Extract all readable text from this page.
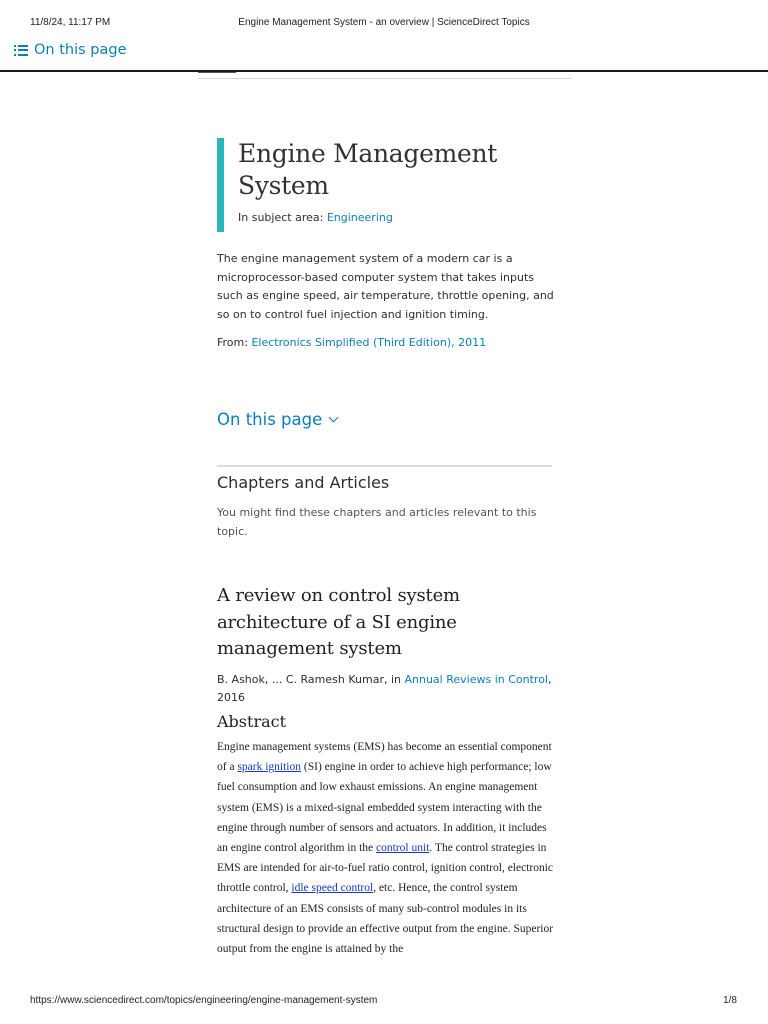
11/8/24, 11:17 PM	Engine Management System - an overview | ScienceDirect Topics
On this page
Engine Management System
In subject area: Engineering
The engine management system of a modern car is a microprocessor-based computer system that takes inputs such as engine speed, air temperature, throttle opening, and so on to control fuel injection and ignition timing.
From: Electronics Simplified (Third Edition), 2011
On this page
Chapters and Articles
You might find these chapters and articles relevant to this topic.
A review on control system architecture of a SI engine management system
B. Ashok, ... C. Ramesh Kumar, in Annual Reviews in Control, 2016
Abstract
Engine management systems (EMS) has become an essential component of a spark ignition (SI) engine in order to achieve high performance; low fuel consumption and low exhaust emissions. An engine management system (EMS) is a mixed-signal embedded system interacting with the engine through number of sensors and actuators. In addition, it includes an engine control algorithm in the control unit. The control strategies in EMS are intended for air-to-fuel ratio control, ignition control, electronic throttle control, idle speed control, etc. Hence, the control system architecture of an EMS consists of many sub-control modules in its structural design to provide an effective output from the engine. Superior output from the engine is attained by the
https://www.sciencedirect.com/topics/engineering/engine-management-system	1/8
